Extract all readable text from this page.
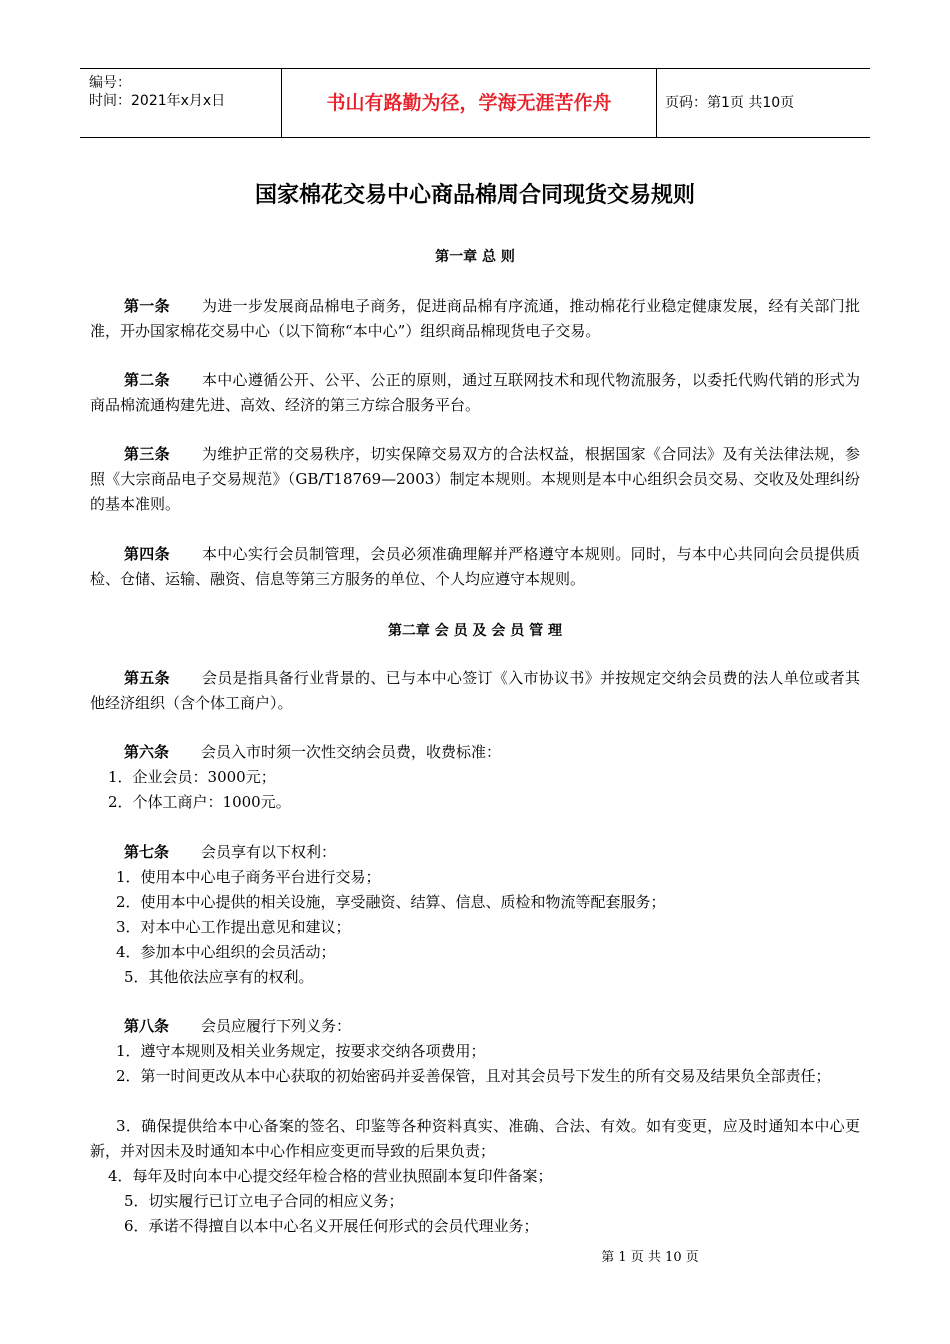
编号：
时间：2021年x月x日	书山有路勤为径，学海无涯苦作舟	页码：第1页 共10页
国家棉花交易中心商品棉周合同现货交易规则
第一章 总 则
第一条 为进一步发展商品棉电子商务，促进商品棉有序流通，推动棉花行业稳定健康发展，经有关部门批准，开办国家棉花交易中心（以下简称“本中心”）组织商品棉现货电子交易。
第二条 本中心遵循公开、公平、公正的原则，通过互联网技术和现代物流服务，以委托代购代销的形式为商品棉流通构建先进、高效、经济的第三方综合服务平台。
第三条 为维护正常的交易秩序，切实保障交易双方的合法权益，根据国家《合同法》及有关法律法规，参照《大宗商品电子交易规范》（GB/T18769—2003）制定本规则。本规则是本中心组织会员交易、交收及处理纠纷的基本准则。
第四条 本中心实行会员制管理，会员必须准确理解并严格遵守本规则。同时，与本中心共同向会员提供质检、仓储、运输、融资、信息等第三方服务的单位、个人均应遵守本规则。
第二章 会 员 及 会 员 管 理
第五条 会员是指具备行业背景的、已与本中心签订《入市协议书》并按规定交纳会员费的法人单位或者其他经济组织（含个体工商户）。
第六条 会员入市时须一次性交纳会员费，收费标准：
1．企业会员：3000元；
2．个体工商户：1000元。
第七条 会员享有以下权利：
1．使用本中心电子商务平台进行交易；
2．使用本中心提供的相关设施，享受融资、结算、信息、质检和物流等配套服务；
3．对本中心工作提出意见和建议；
4．参加本中心组织的会员活动；
5．其他依法应享有的权利。
第八条 会员应履行下列义务：
1．遵守本规则及相关业务规定，按要求交纳各项费用；
2．第一时间更改从本中心获取的初始密码并妥善保管，且对其会员号下发生的所有交易及结果负全部责任；
3．确保提供给本中心备案的签名、印鉴等各种资料真实、准确、合法、有效。如有变更，应及时通知本中心更新，并对因未及时通知本中心作相应变更而导致的后果负责；
4．每年及时向本中心提交经年检合格的营业执照副本复印件备案；
5．切实履行已订立电子合同的相应义务；
6．承诺不得擅自以本中心名义开展任何形式的会员代理业务；
第 1 页 共 10 页
